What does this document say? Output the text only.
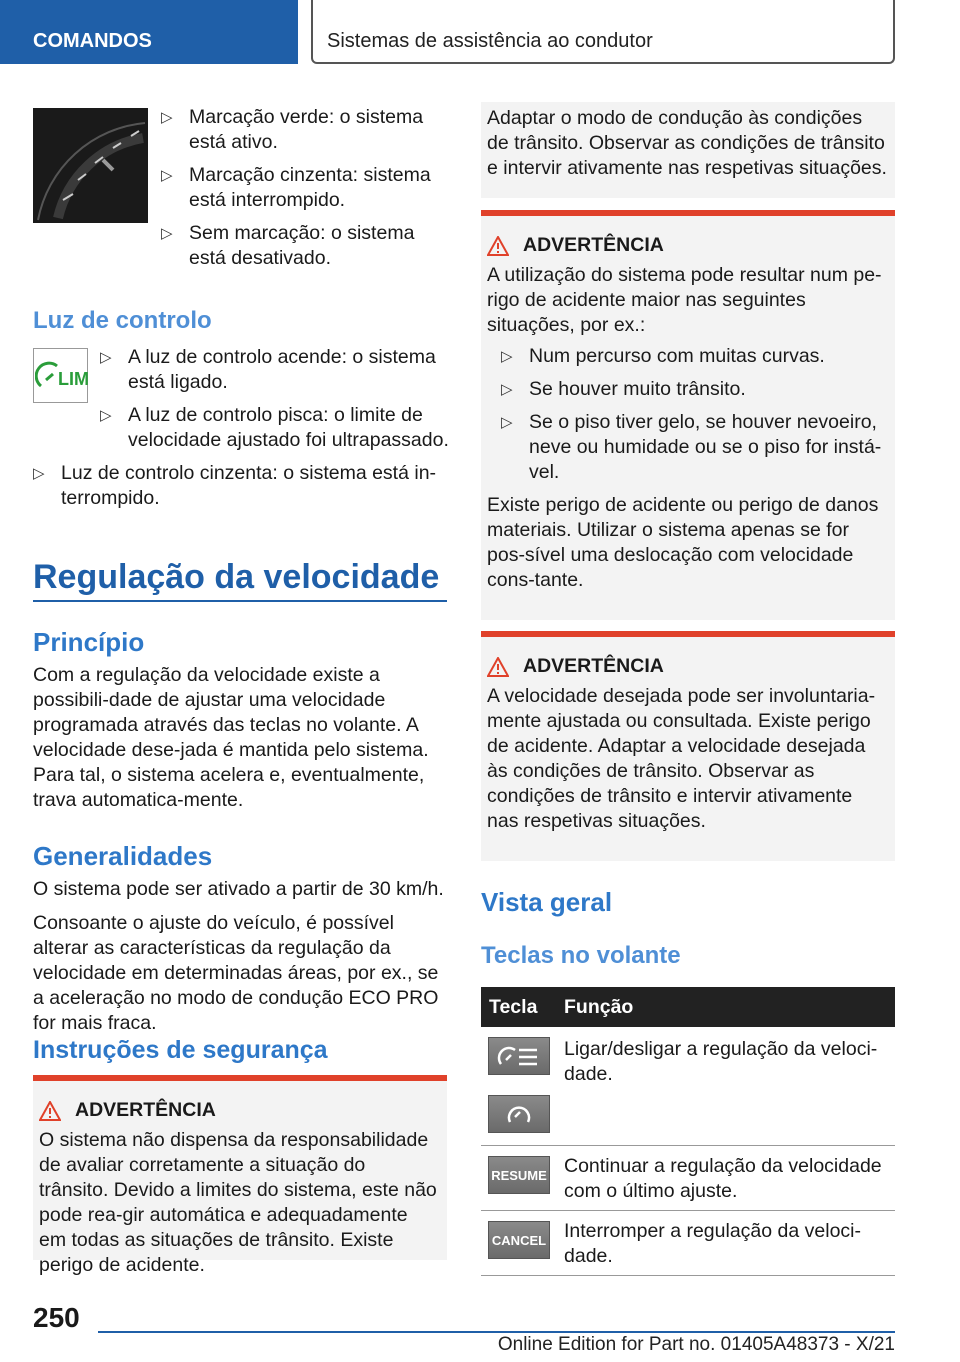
COMANDOS	Sistemas de assistência ao condutor
▷ Marcação verde: o sistema está ativo.
▷ Marcação cinzenta: sistema está interrompido.
▷ Sem marcação: o sistema está desativado.
Luz de controlo
LIM
▷ A luz de controlo acende: o sistema está ligado.
▷ A luz de controlo pisca: o limite de velocidade ajustado foi ultrapassado.
▷ Luz de controlo cinzenta: o sistema está in-terrompido.
Regulação da velocidade
Princípio

Com a regulação da velocidade existe a possibili-dade de ajustar uma velocidade programada através das teclas no volante. A velocidade dese-jada é mantida pelo sistema. Para tal, o sistema acelera e, eventualmente, trava automatica-mente.

Generalidades

O sistema pode ser ativado a partir de 30 km/h.

Consoante o ajuste do veículo, é possível alterar as características da regulação da velocidade em determinadas áreas, por ex., se a aceleração no modo de condução ECO PRO for mais fraca.

Instruções de segurança
ADVERTÊNCIA

O sistema não dispensa da responsabilidade de avaliar corretamente a situação do trânsito. Devido a limites do sistema, este não pode rea-gir automática e adequadamente em todas as situações de trânsito. Existe perigo de acidente.

Adaptar o modo de condução às condições de trânsito. Observar as condições de trânsito e intervir ativamente nas respetivas situações.

ADVERTÊNCIA

A utilização do sistema pode resultar num pe-rigo de acidente maior nas seguintes situações, por ex.:

▷ Num percurso com muitas curvas.
▷ Se houver muito trânsito.
▷ Se o piso tiver gelo, se houver nevoeiro, neve ou humidade ou se o piso for instá-vel.

Existe perigo de acidente ou perigo de danos materiais. Utilizar o sistema apenas se for pos-sível uma deslocação com velocidade cons-tante.

ADVERTÊNCIA

A velocidade desejada pode ser involuntaria-mente ajustada ou consultada. Existe perigo de acidente. Adaptar a velocidade desejada às condições de trânsito. Observar as condições de trânsito e intervir ativamente nas respetivas situações.

Vista geral
Teclas no volante
Tecla	Função
Ligar/desligar a regulação da veloci-dade.
RESUME Continuar a regulação da velocidade com o último ajuste.
CANCEL Interromper a regulação da veloci-dade.
250
Online Edition for Part no. 01405A48373 - X/21
